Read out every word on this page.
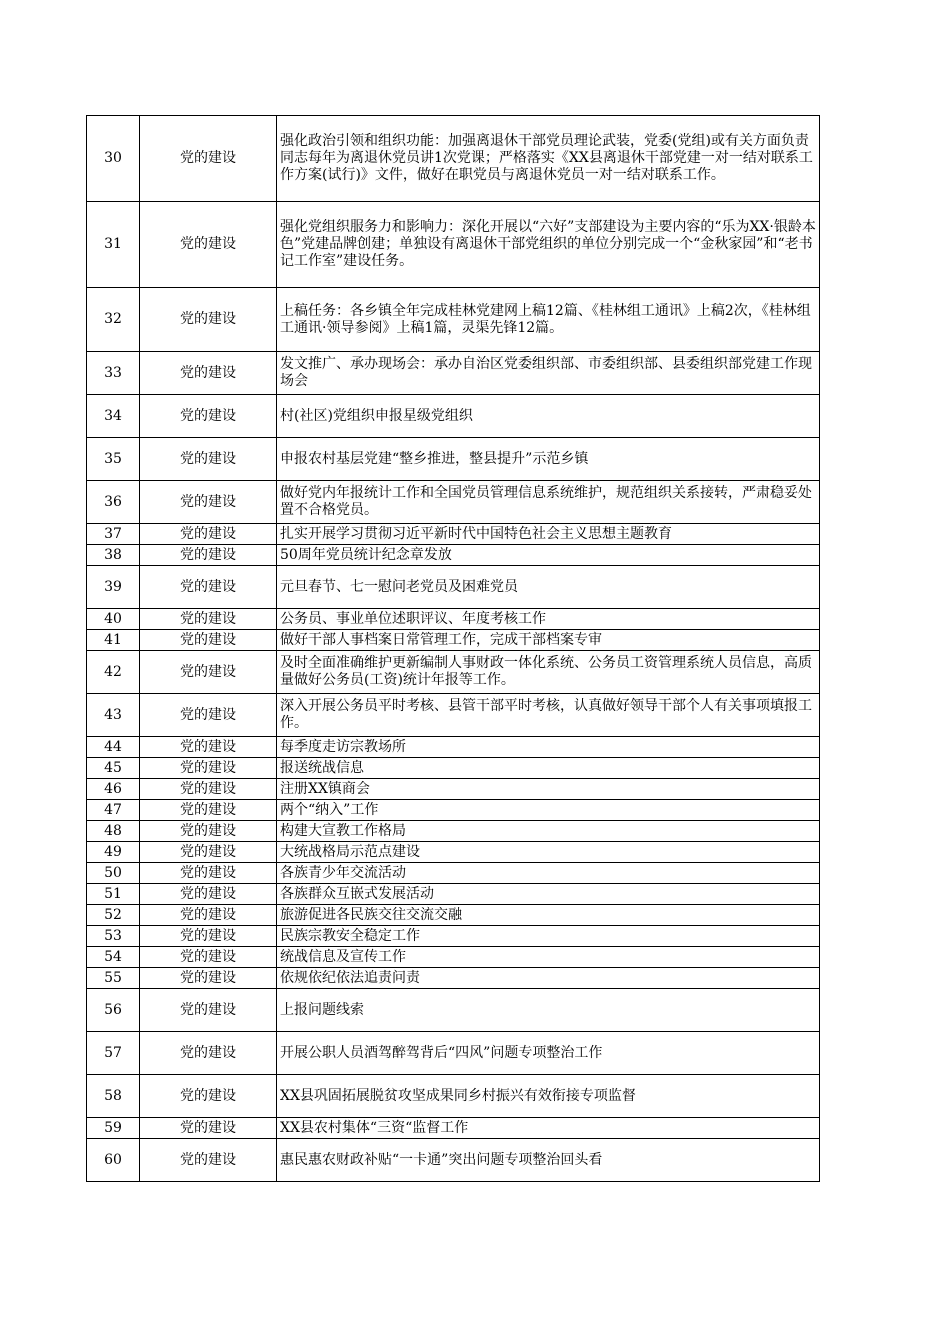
30	党的建设	强化政治引领和组织功能：加强离退休干部党员理论武装，党委(党组)或有关方面负责同志每年为离退休党员讲1次党课；严格落实《XX县离退休干部党建一对一结对联系工作方案(试行)》文件，做好在职党员与离退休党员一对一结对联系工作。
31	党的建设	强化党组织服务力和影响力：深化开展以“六好”支部建设为主要内容的“乐为XX·银龄本色”党建品牌创建；单独设有离退休干部党组织的单位分别完成一个“金秋家园”和“老书记工作室”建设任务。
32	党的建设	上稿任务：各乡镇全年完成桂林党建网上稿12篇、《桂林组工通讯》上稿2次，《桂林组工通讯·领导参阅》上稿1篇，灵渠先锋12篇。
33	党的建设	发文推广、承办现场会：承办自治区党委组织部、市委组织部、县委组织部党建工作现场会
34	党的建设	村(社区)党组织申报星级党组织
35	党的建设	申报农村基层党建“整乡推进，整县提升”示范乡镇
36	党的建设	做好党内年报统计工作和全国党员管理信息系统维护，规范组织关系接转，严肃稳妥处置不合格党员。
37	党的建设	扎实开展学习贯彻习近平新时代中国特色社会主义思想主题教育
38	党的建设	50周年党员统计纪念章发放
39	党的建设	元旦春节、七一慰问老党员及困难党员
40	党的建设	公务员、事业单位述职评议、年度考核工作
41	党的建设	做好干部人事档案日常管理工作，完成干部档案专审
42	党的建设	及时全面准确维护更新编制人事财政一体化系统、公务员工资管理系统人员信息，高质量做好公务员(工资)统计年报等工作。
43	党的建设	深入开展公务员平时考核、县管干部平时考核，认真做好领导干部个人有关事项填报工作。
44	党的建设	每季度走访宗教场所
45	党的建设	报送统战信息
46	党的建设	注册XX镇商会
47	党的建设	两个“纳入”工作
48	党的建设	构建大宣教工作格局
49	党的建设	大统战格局示范点建设
50	党的建设	各族青少年交流活动
51	党的建设	各族群众互嵌式发展活动
52	党的建设	旅游促进各民族交往交流交融
53	党的建设	民族宗教安全稳定工作
54	党的建设	统战信息及宣传工作
55	党的建设	依规依纪依法追责问责
56	党的建设	上报问题线索
57	党的建设	开展公职人员酒驾醉驾背后“四风”问题专项整治工作
58	党的建设	XX县巩固拓展脱贫攻坚成果同乡村振兴有效衔接专项监督
59	党的建设	XX县农村集体“三资“监督工作
60	党的建设	惠民惠农财政补贴“一卡通”突出问题专项整治回头看
